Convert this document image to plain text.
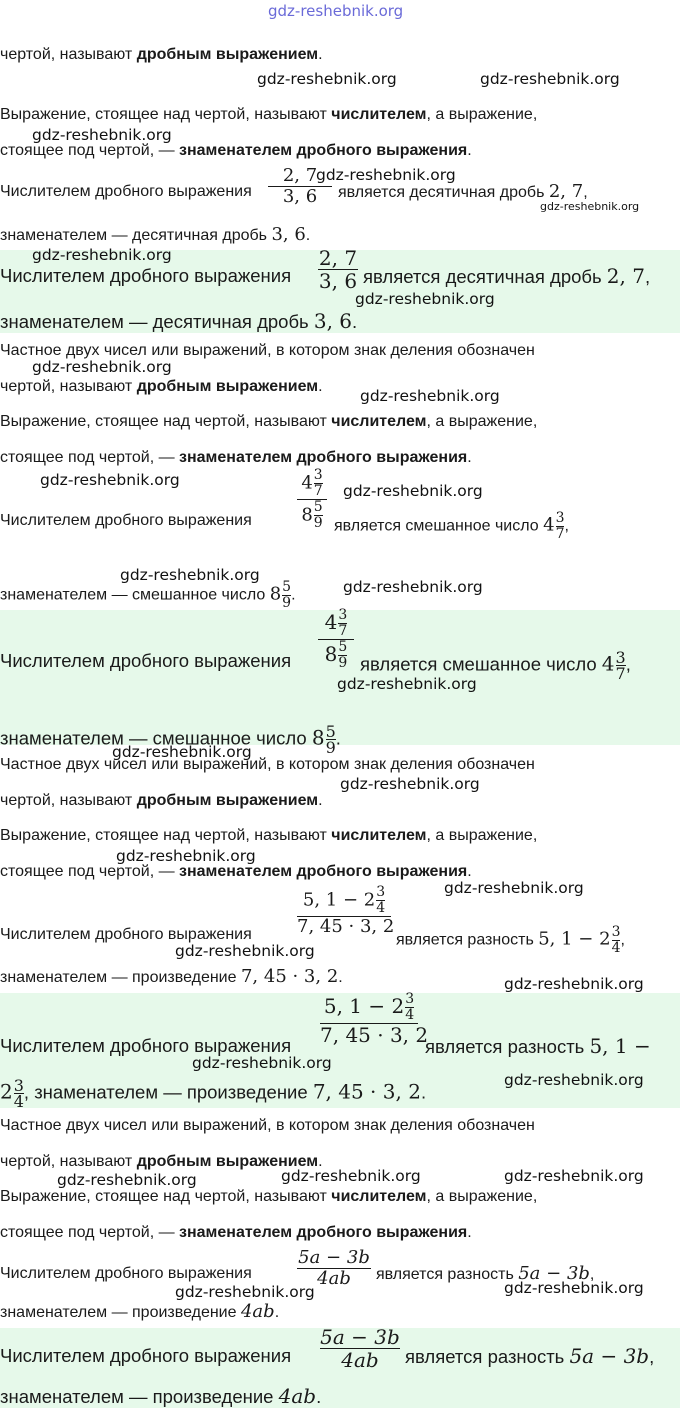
gdz-reshebnik.org
чертой, называют дробным выражением.
Выражение, стоящее над чертой, называют числителем, а выражение,
стоящее под чертой, — знаменателем дробного выражения.
Числителем дробного выражения
2, 7
3, 6	является десятичная дробь 2, 7,
знаменателем — десятичная дробь 3, 6.
Числителем дробного выражения
2, 7
3, 6 является десятичная дробь 2, 7,
знаменателем — десятичная дробь 3, 6.
Частное двух чисел или выражений, в котором знак деления обозначен
чертой, называют дробным выражением.
Выражение, стоящее над чертой, называют числителем, а выражение,
стоящее под чертой, — знаменателем дробного выражения.
Числителем дробного выражения
$4 \frac{3}{7}$
$8 \frac{5}{9}$ является смешанное число $4 \frac{3}{7}$ ,
знаменателем — смешанное число $8 \frac{5}{9}$ .
Числителем дробного выражения
$4 \frac{3}{7}$
$8 \frac{5}{9}$ является смешанное число $4 \frac{3}{7}$ ,
знаменателем — смешанное число $8 \frac{5}{9}$ .
Частное двух чисел или выражений, в котором знак деления обозначен
чертой, называют дробным выражением.
Выражение, стоящее над чертой, называют числителем, а выражение,
стоящее под чертой, — знаменателем дробного выражения.
Числителем дробного выражения
5, $1 - 2 \frac{3}{4}$
7, 45 · 3, 2
является разность 5, $1 - 2 \frac{3}{4}$ ,
знаменателем — произведение 7, 45 · 3, 2.
Числителем дробного выражения
5, $1 - 2 \frac{3}{4}$
7, 45 · 3, 2
является разность 5, 1 −
$2 \frac{3}{4}$ , знаменателем — произведение 7, 45 · 3, 2.
Частное двух чисел или выражений, в котором знак деления обозначен
чертой, называют дробным выражением.
Выражение, стоящее над чертой, называют числителем, а выражение,
стоящее под чертой, — знаменателем дробного выражения.
Числителем дробного выражения
5a − 3b
4ab	является разность 5a − 3b,
знаменателем — произведение 4ab.
Числителем дробного выражения
5a − 3b
4ab	является разность 5a − 3b,
знаменателем — произведение 4ab.
gdz-reshebnik.org	gdz-reshebnik.org
gdz-reshebnik.org
gdz-reshebnik.org
gdz-reshebnik.org
gdz-reshebnik.org
gdz-reshebnik.org
gdz-reshebnik.org
gdz-reshebnik.org
gdz-reshebnik.org
gdz-reshebnik.org
gdz-reshebnik.org
gdz-reshebnik.org
gdz-reshebnik.org
gdz-reshebnik.org
gdz-reshebnik.org
gdz-reshebnik.org
gdz-reshebnik.org
gdz-reshebnik.org
gdz-reshebnik.org
gdz-reshebnik.org
gdz-reshebnik.org
gdz-reshebnik.org	gdz-reshebnik.org
gdz-reshebnik.org
gdz-reshebnik.org	gdz-reshebnik.org
